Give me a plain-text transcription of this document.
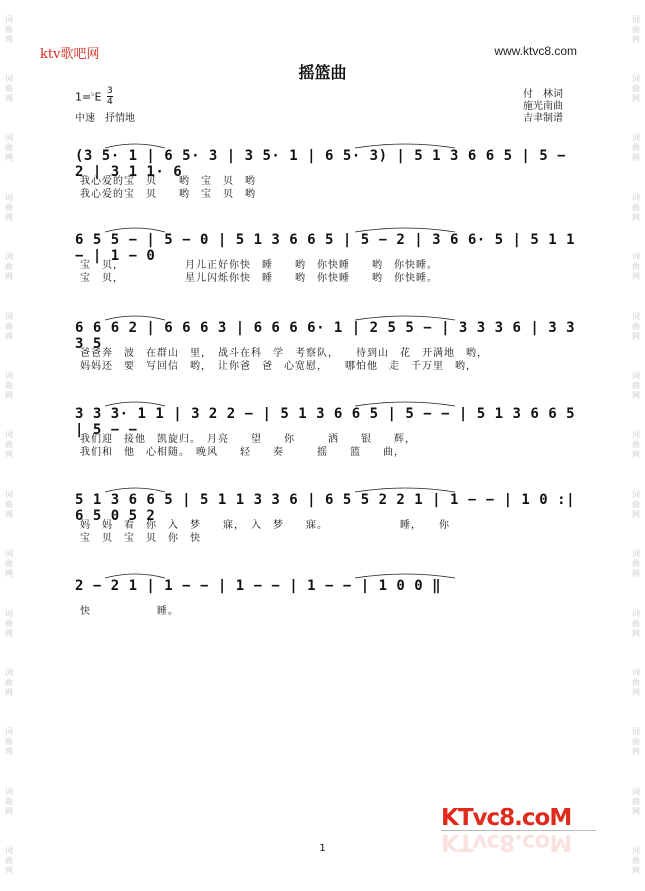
词
曲
网
词
曲
网
词
曲
网
词
曲
网
词
曲
网
词
曲
网
词
曲
网
词
曲
网
词
曲
网
词
曲
网
词
曲
网
词
曲
网
词
曲
网
词
曲
网
词
曲
网
词
曲
网
词
曲
网
词
曲
网
词
曲
网
词
曲
网
词
曲
网
词
曲
网
词
曲
网
词
曲
网
词
曲
网
词
曲
网
词
曲
网
词
曲
网
词
曲
网
词
曲
网
ktv歌吧网	www.ktvc8.com
摇篮曲
1=♭E 3
4
中速　抒情地
付　林词
施光南曲
吉聿制谱
(3 5· 1 | 6 5· 3 | 3 5· 1 | 6 5· 3) | 5 1 3 6 6 5 | 5 − 2 | 3 1 1· 6
我心爱的宝　贝　　哟　宝　贝　哟
我心爱的宝　贝　　哟　宝　贝　哟
6 5 5 − | 5 − 0 | 5 1 3 6 6 5 | 5 − 2 | 3 6 6· 5 | 5 1 1 − | 1 − 0
宝　贝，　　　　　　月儿正好你快　睡　　哟　你快睡　　哟　你快睡。
宝　贝，　　　　　　星儿闪烁你快　睡　　哟　你快睡　　哟　你快睡。
6 6 6 2 | 6 6 6 3 | 6 6 6 6· 1 | 2 5 5 − | 3 3 3 6 | 3 3 3 5
爸爸奔　波　在群山　里，　战斗在科　学　考察队，　　待到山　花　开满地　哟，
妈妈还　要　写回信　哟，　让你爸　爸　心宽慰，　　哪怕他　走　千万里　哟，
3 3 3· 1 1 | 3 2 2 − | 5 1 3 6 6 5 | 5 − − | 5 1 3 6 6 5 | 5 − −
我们迎　接他　凯旋归。　月亮　　望　　你　　　洒　　银　　辉，
我们和　他　心相随。　晚风　　轻　　奏　　　摇　　篮　　曲，
5 1 3 6 6 5 | 5 1 1 3 3 6 | 6 5 5 2 2 1 | 1 − − | 1 0 :| 6 5 0 5 2
妈　妈　看　你　入　梦　　寐，　入　梦　　寐。　　　　　　　睡，　　你
宝　贝　宝　贝　你　快
2 − 2 1 | 1 − − | 1 − − | 1 − − | 1 0 0 ‖
快　　　　　　睡。
1
KTvc8.coM
KTvc8.coM
